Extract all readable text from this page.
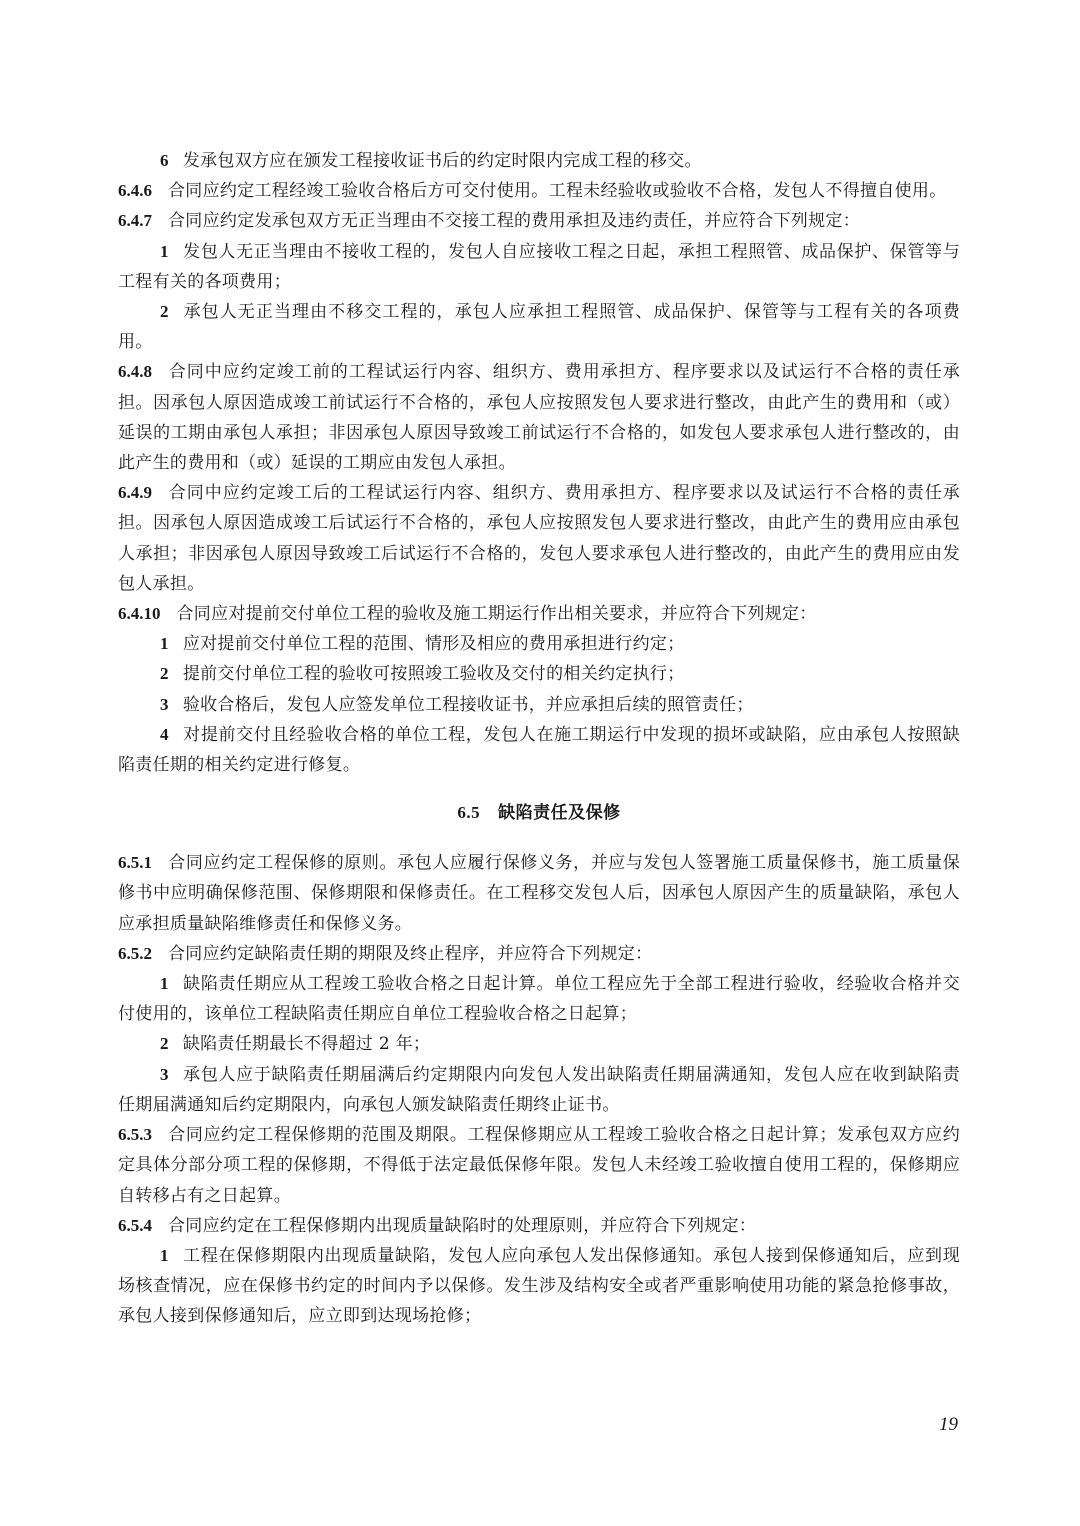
6 发承包双方应在颁发工程接收证书后的约定时限内完成工程的移交。

6.4.6 合同应约定工程经竣工验收合格后方可交付使用。工程未经验收或验收不合格，发包人不得擅自使用。

6.4.7 合同应约定发承包双方无正当理由不交接工程的费用承担及违约责任，并应符合下列规定：

1 发包人无正当理由不接收工程的，发包人自应接收工程之日起，承担工程照管、成品保护、保管等与工程有关的各项费用；

2 承包人无正当理由不移交工程的，承包人应承担工程照管、成品保护、保管等与工程有关的各项费用。

6.4.8 合同中应约定竣工前的工程试运行内容、组织方、费用承担方、程序要求以及试运行不合格的责任承担。因承包人原因造成竣工前试运行不合格的，承包人应按照发包人要求进行整改，由此产生的费用和（或）延误的工期由承包人承担；非因承包人原因导致竣工前试运行不合格的，如发包人要求承包人进行整改的，由此产生的费用和（或）延误的工期应由发包人承担。

6.4.9 合同中应约定竣工后的工程试运行内容、组织方、费用承担方、程序要求以及试运行不合格的责任承担。因承包人原因造成竣工后试运行不合格的，承包人应按照发包人要求进行整改，由此产生的费用应由承包人承担；非因承包人原因导致竣工后试运行不合格的，发包人要求承包人进行整改的，由此产生的费用应由发包人承担。

6.4.10 合同应对提前交付单位工程的验收及施工期运行作出相关要求，并应符合下列规定：

1 应对提前交付单位工程的范围、情形及相应的费用承担进行约定；

2 提前交付单位工程的验收可按照竣工验收及交付的相关约定执行；

3 验收合格后，发包人应签发单位工程接收证书，并应承担后续的照管责任；

4 对提前交付且经验收合格的单位工程，发包人在施工期运行中发现的损坏或缺陷，应由承包人按照缺陷责任期的相关约定进行修复。

6.5 缺陷责任及保修

6.5.1 合同应约定工程保修的原则。承包人应履行保修义务，并应与发包人签署施工质量保修书，施工质量保修书中应明确保修范围、保修期限和保修责任。在工程移交发包人后，因承包人原因产生的质量缺陷，承包人应承担质量缺陷维修责任和保修义务。

6.5.2 合同应约定缺陷责任期的期限及终止程序，并应符合下列规定：

1 缺陷责任期应从工程竣工验收合格之日起计算。单位工程应先于全部工程进行验收，经验收合格并交付使用的，该单位工程缺陷责任期应自单位工程验收合格之日起算；

2 缺陷责任期最长不得超过 2 年；

3 承包人应于缺陷责任期届满后约定期限内向发包人发出缺陷责任期届满通知，发包人应在收到缺陷责任期届满通知后约定期限内，向承包人颁发缺陷责任期终止证书。

6.5.3 合同应约定工程保修期的范围及期限。工程保修期应从工程竣工验收合格之日起计算；发承包双方应约定具体分部分项工程的保修期，不得低于法定最低保修年限。发包人未经竣工验收擅自使用工程的，保修期应自转移占有之日起算。

6.5.4 合同应约定在工程保修期内出现质量缺陷时的处理原则，并应符合下列规定：

1 工程在保修期限内出现质量缺陷，发包人应向承包人发出保修通知。承包人接到保修通知后，应到现场核查情况，应在保修书约定的时间内予以保修。发生涉及结构安全或者严重影响使用功能的紧急抢修事故，承包人接到保修通知后，应立即到达现场抢修；

19
